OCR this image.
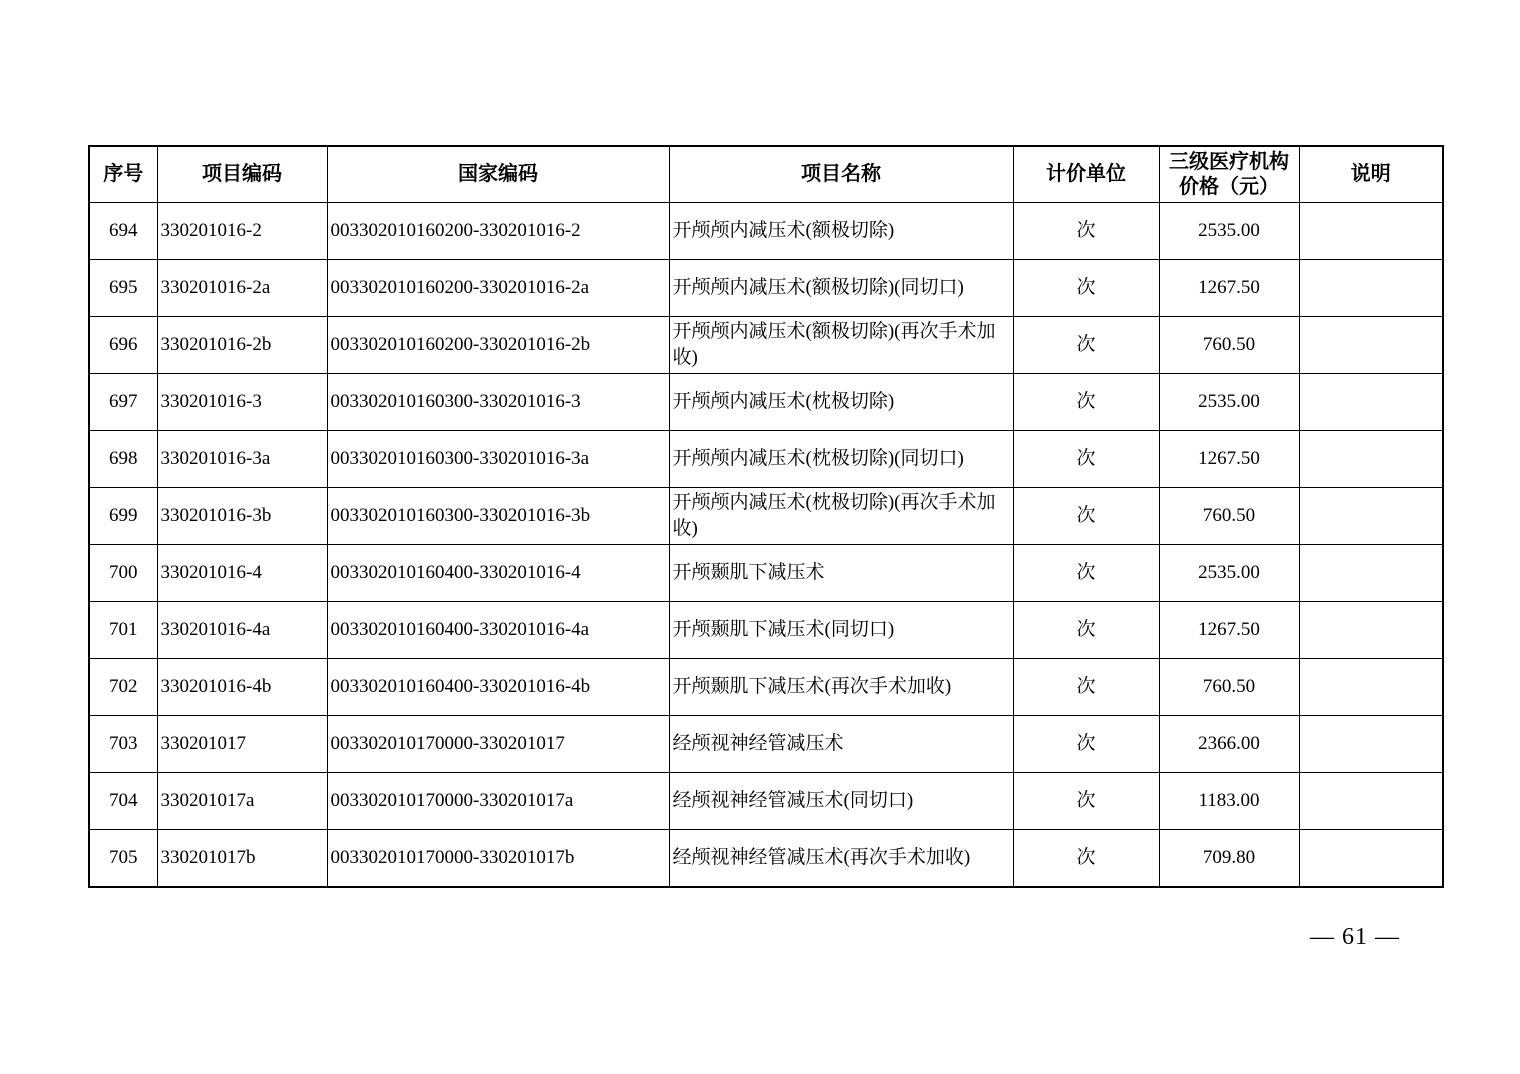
序号	项目编码	国家编码	项目名称	计价单位	三级医疗机构
价格（元）	说明
694	330201016-2	003302010160200-330201016-2	开颅颅内减压术(额极切除)	次	2535.00	
695	330201016-2a	003302010160200-330201016-2a	开颅颅内减压术(额极切除)(同切口)	次	1267.50	
696	330201016-2b	003302010160200-330201016-2b	开颅颅内减压术(额极切除)(再次手术加收)	次	760.50	
697	330201016-3	003302010160300-330201016-3	开颅颅内减压术(枕极切除)	次	2535.00	
698	330201016-3a	003302010160300-330201016-3a	开颅颅内减压术(枕极切除)(同切口)	次	1267.50	
699	330201016-3b	003302010160300-330201016-3b	开颅颅内减压术(枕极切除)(再次手术加收)	次	760.50	
700	330201016-4	003302010160400-330201016-4	开颅颞肌下减压术	次	2535.00	
701	330201016-4a	003302010160400-330201016-4a	开颅颞肌下减压术(同切口)	次	1267.50	
702	330201016-4b	003302010160400-330201016-4b	开颅颞肌下减压术(再次手术加收)	次	760.50	
703	330201017	003302010170000-330201017	经颅视神经管减压术	次	2366.00	
704	330201017a	003302010170000-330201017a	经颅视神经管减压术(同切口)	次	1183.00	
705	330201017b	003302010170000-330201017b	经颅视神经管减压术(再次手术加收)	次	709.80	
— 61 —
